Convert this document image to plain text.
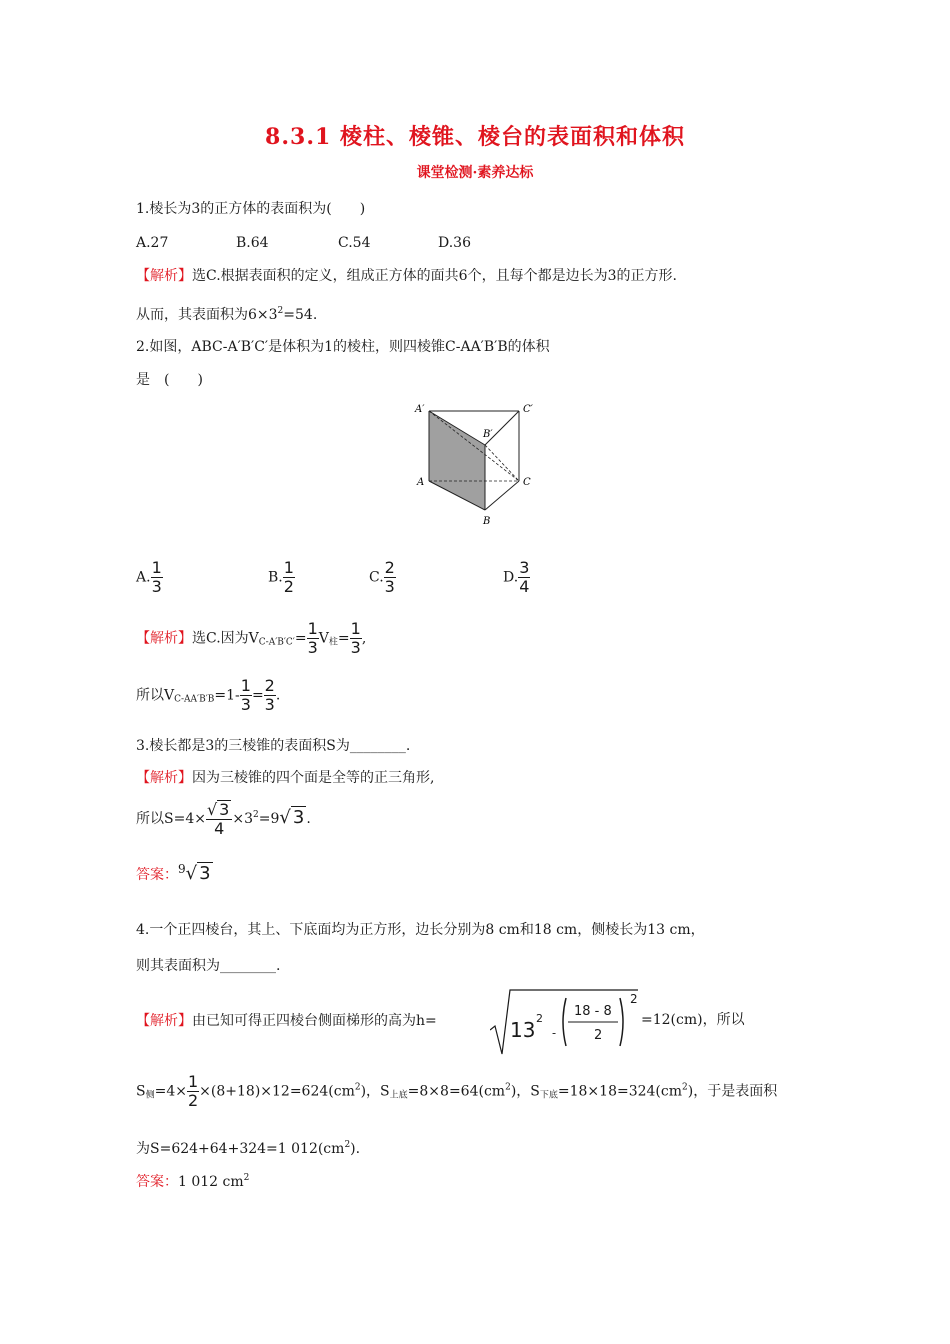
8.3.1 棱柱、棱锥、棱台的表面积和体积
课堂检测·素养达标
1.棱长为3的正方体的表面积为(　　)
A.27	B.64	C.54	D.36
【解析】选C.根据表面积的定义，组成正方体的面共6个，且每个都是边长为3的正方形.
从而，其表面积为$6\times 3^2=54$.
2.如图，ABC-A′B′C′是体积为1的棱柱，则四棱锥C-AA′B′B的体积
是　(　　)
A′	C′
B′
A	C
B
A. $\frac{1}{3}$	B. $\frac{1}{2}$	C. $\frac{2}{3}$	D. $\frac{3}{4}$
【解析】选C.因为$V_{C-A'B'C'}= \frac{1}{3} V_柱= \frac{1}{3}$ ,
所以$V_{C-AA'B'B}=1- \frac{1}{3} = \frac{2}{3}$ .
3.棱长都是3的三棱锥的表面积S为________.
【解析】因为三棱锥的四个面是全等的正三角形,
所以$S=4\times \frac{√ 3}{4} \times 3^2=9√$ 3 .
答案：9√ 3
4.一个正四棱台，其上、下底面均为正方形，边长分别为8 cm和18 cm，侧棱长为13 cm，
则其表面积为________.
【解析】由已知可得正四棱台侧面梯形的高为h=	13 2
-
18 - 8
2
2
=12(cm)，所以
$S_侧=4\times \frac{1}{2} \times(8+18)\times 12=624(cm^2)$，$S_{上底}=8\times 8=64(cm^2)$，$S_{下底}=18\times 18=324(cm^2)$，于是表面积
为S=624+64+324=1 $012(cm^2)$.
答案：1 012 $cm^2$
